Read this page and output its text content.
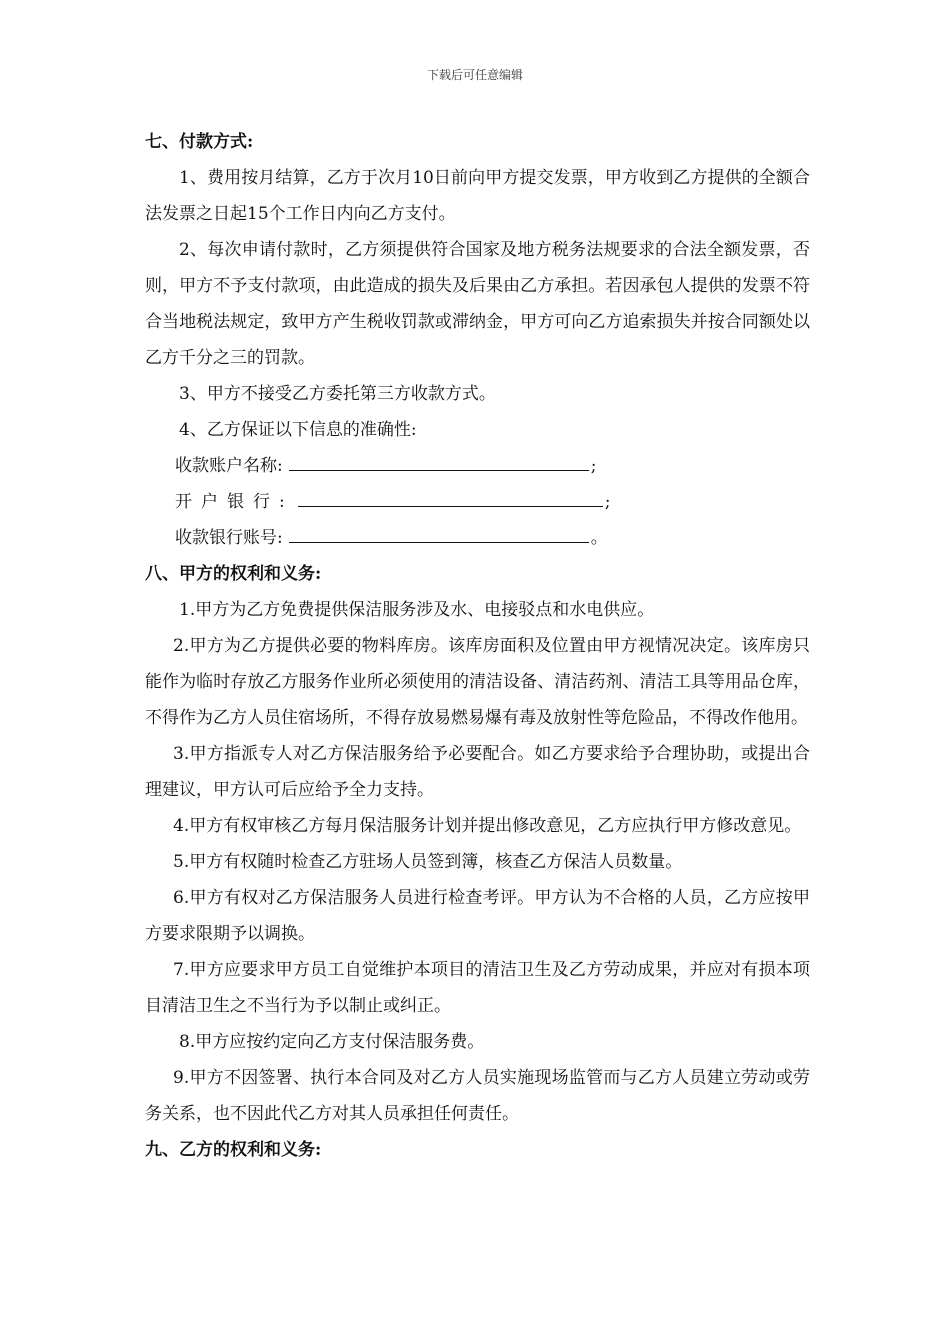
下载后可任意编辑

七、付款方式:

1、费用按月结算，乙方于次月10日前向甲方提交发票，甲方收到乙方提供的全额合法发票之日起15个工作日内向乙方支付。

2、每次申请付款时，乙方须提供符合国家及地方税务法规要求的合法全额发票，否则，甲方不予支付款项，由此造成的损失及后果由乙方承担。若因承包人提供的发票不符合当地税法规定，致甲方产生税收罚款或滞纳金，甲方可向乙方追索损失并按合同额处以乙方千分之三的罚款。

3、甲方不接受乙方委托第三方收款方式。

4、乙方保证以下信息的准确性:

收款账户名称:	;

开户银行:	;

收款银行账号:	。

八、甲方的权利和义务:

1.甲方为乙方免费提供保洁服务涉及水、电接驳点和水电供应。

2.甲方为乙方提供必要的物料库房。该库房面积及位置由甲方视情况决定。该库房只能作为临时存放乙方服务作业所必须使用的清洁设备、清洁药剂、清洁工具等用品仓库，不得作为乙方人员住宿场所，不得存放易燃易爆有毒及放射性等危险品，不得改作他用。

3.甲方指派专人对乙方保洁服务给予必要配合。如乙方要求给予合理协助，或提出合理建议，甲方认可后应给予全力支持。

4.甲方有权审核乙方每月保洁服务计划并提出修改意见，乙方应执行甲方修改意见。

5.甲方有权随时检查乙方驻场人员签到簿，核查乙方保洁人员数量。

6.甲方有权对乙方保洁服务人员进行检查考评。甲方认为不合格的人员，乙方应按甲方要求限期予以调换。

7.甲方应要求甲方员工自觉维护本项目的清洁卫生及乙方劳动成果，并应对有损本项目清洁卫生之不当行为予以制止或纠正。

8.甲方应按约定向乙方支付保洁服务费。

9.甲方不因签署、执行本合同及对乙方人员实施现场监管而与乙方人员建立劳动或劳务关系，也不因此代乙方对其人员承担任何责任。

九、乙方的权利和义务:
